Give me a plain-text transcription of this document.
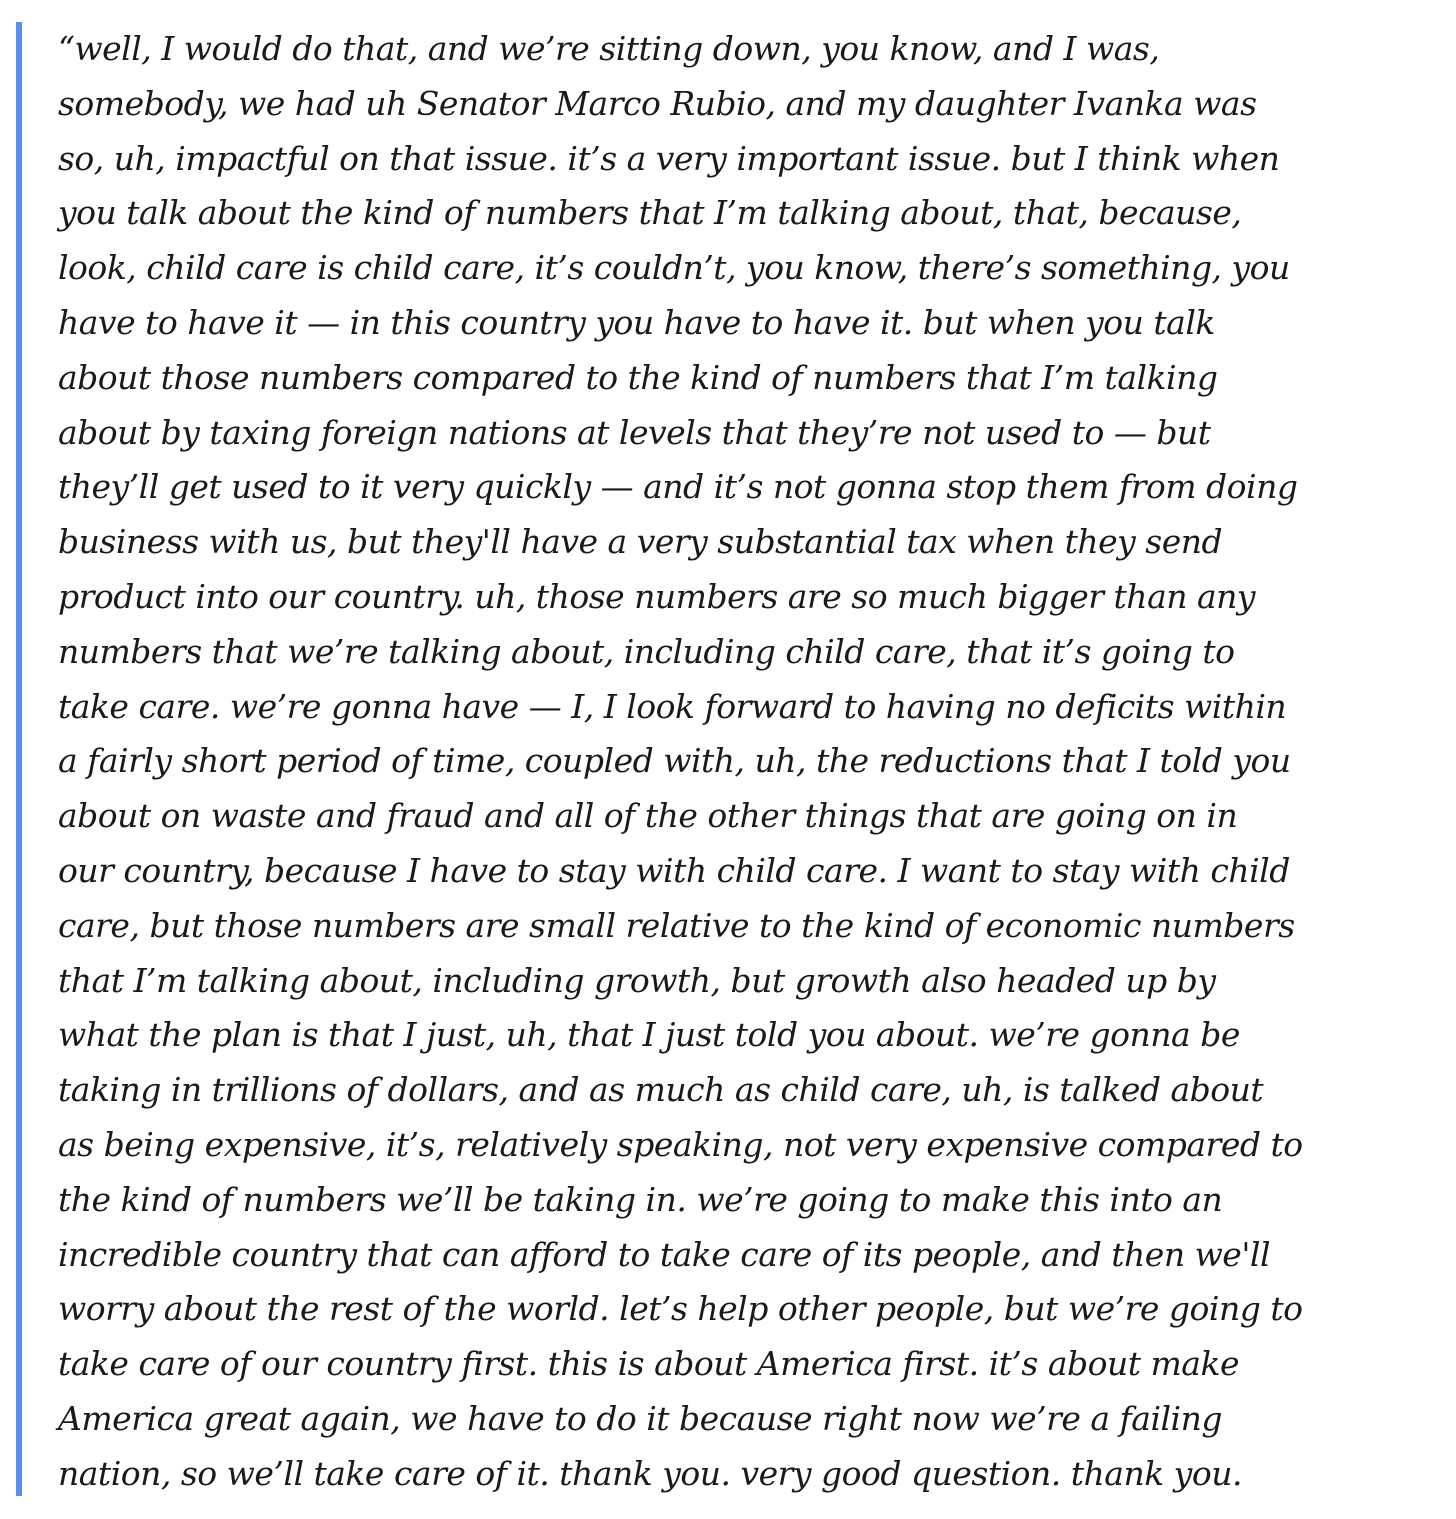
“well, I would do that, and we’re sitting down, you know, and I was,
somebody, we had uh Senator Marco Rubio, and my daughter Ivanka was
so, uh, impactful on that issue. it’s a very important issue. but I think when
you talk about the kind of numbers that I’m talking about, that, because,
look, child care is child care, it’s couldn’t, you know, there’s something, you
have to have it — in this country you have to have it. but when you talk
about those numbers compared to the kind of numbers that I’m talking
about by taxing foreign nations at levels that they’re not used to — but
they’ll get used to it very quickly — and it’s not gonna stop them from doing
business with us, but they'll have a very substantial tax when they send
product into our country. uh, those numbers are so much bigger than any
numbers that we’re talking about, including child care, that it’s going to
take care. we’re gonna have — I, I look forward to having no deficits within
a fairly short period of time, coupled with, uh, the reductions that I told you
about on waste and fraud and all of the other things that are going on in
our country, because I have to stay with child care. I want to stay with child
care, but those numbers are small relative to the kind of economic numbers
that I’m talking about, including growth, but growth also headed up by
what the plan is that I just, uh, that I just told you about. we’re gonna be
taking in trillions of dollars, and as much as child care, uh, is talked about
as being expensive, it’s, relatively speaking, not very expensive compared to
the kind of numbers we’ll be taking in. we’re going to make this into an
incredible country that can afford to take care of its people, and then we'll
worry about the rest of the world. let’s help other people, but we’re going to
take care of our country first. this is about America first. it’s about make
America great again, we have to do it because right now we’re a failing
nation, so we’ll take care of it. thank you. very good question. thank you.
